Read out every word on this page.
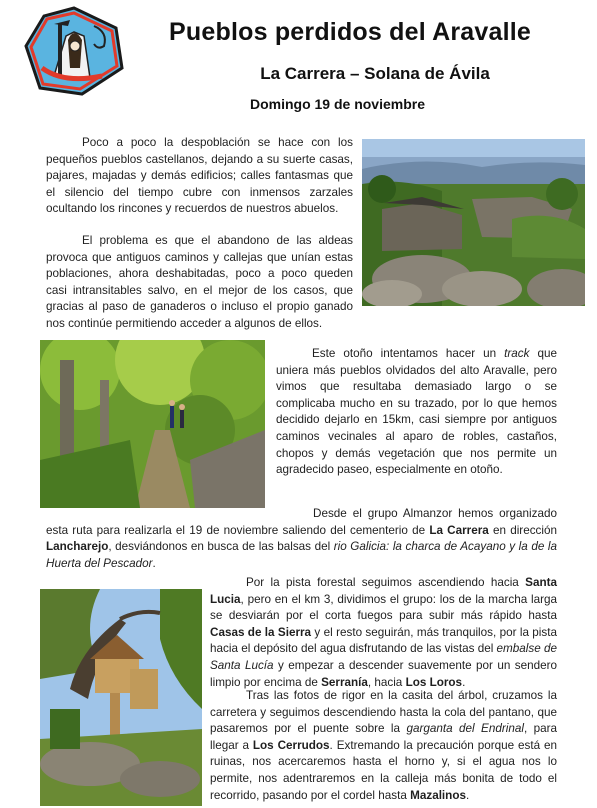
Pueblos perdidos del Aravalle
La Carrera – Solana de Ávila
Domingo 19 de noviembre

Poco a poco la despoblación se hace con los pequeños pueblos castellanos, dejando a su suerte casas, pajares, majadas y demás edificios; calles fantasmas que el silencio del tiempo cubre con inmensos zarzales ocultando los rincones y recuerdos de nuestros abuelos.

El problema es que el abandono de las aldeas provoca que antiguos caminos y callejas que unían estas poblaciones, ahora deshabitadas, poco a poco queden casi intransitables salvo, en el mejor de los casos, que gracias al paso de ganaderos o incluso el propio ganado nos continúe permitiendo acceder a algunos de ellos.

Este otoño intentamos hacer un track que uniera más pueblos olvidados del alto Aravalle, pero vimos que resultaba demasiado largo o se complicaba mucho en su trazado, por lo que hemos decidido dejarlo en 15km, casi siempre por antiguos caminos vecinales al aparo de robles, castaños, chopos y demás vegetación que nos permite un agradecido paseo, especialmente en otoño.

Desde el grupo Almanzor hemos organizado esta ruta para realizarla el 19 de noviembre saliendo del cementerio de La Carrera en dirección Lancharejo, desviándonos en busca de las balsas del rio Galicia: la charca de Acayano y la de la Huerta del Pescador.

Por la pista forestal seguimos ascendiendo hacia Santa Lucia, pero en el km 3, dividimos el grupo: los de la marcha larga se desviarán por el corta fuegos para subir más rápido hasta Casas de la Sierra y el resto seguirán, más tranquilos, por la pista hacia el depósito del agua disfrutando de las vistas del embalse de Santa Lucía y empezar a descender suavemente por un sendero limpio por encima de Serranía, hacia Los Loros.

Tras las fotos de rigor en la casita del árbol, cruzamos la carretera y seguimos descendiendo hasta la cola del pantano, que pasaremos por el puente sobre la garganta del Endrinal, para llegar a Los Cerrudos. Extremando la precaución porque está en ruinas, nos acercaremos hasta el horno y, si el agua nos lo permite, nos adentraremos en la calleja más bonita de todo el recorrido, pasando por el cordel hasta Mazalinos.
